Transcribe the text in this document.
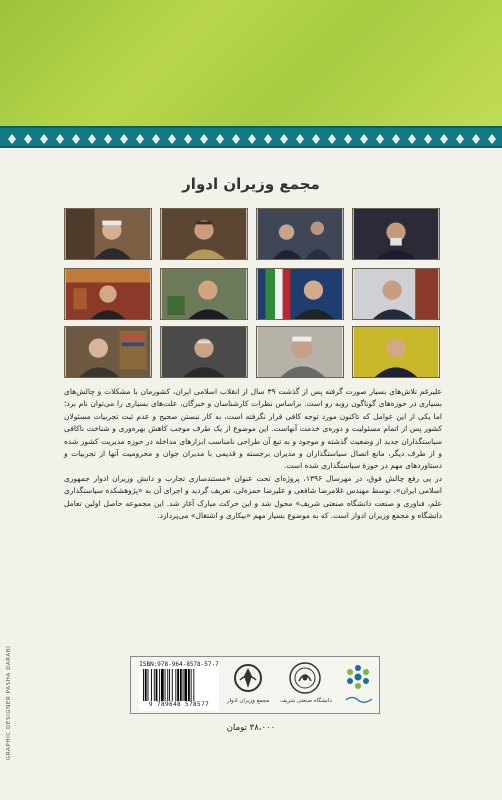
مجمع وزیران ادوار

علیرغم تلاش‌های بسیار صورت گرفته پس از گذشت ۳۹ سال از انقلاب اسلامی ایران، کشورمان با مشکلات و چالش‌های بسیاری در حوزه‌های گوناگون روبه رو است. براساس نظرات کارشناسان و خبرگان، علت‌های بسیاری را می‌توان نام برد؛ اما یکی از این عوامل که تاکنون مورد توجه کافی قرار نگرفته است، به کار نبستن صحیح و عدم ثبت تجربیات مسئولان کشور پس از اتمام مسئولیت و دوره‌ی خدمت آنهاست. این موضوع از یک طرف موجب کاهش بهره‌وری و شناخت ناکافی سیاستگذاران جدید از وضعیت گذشته و موجود و به تبع آن طراحی نامناسب ابزارهای مداخله در حوزه مدیریت کشور شده و از طرف دیگر، مانع اتصال سیاستگذاران و مدیران برجسته و قدیمی با مدیران جوان و محرومیت آنها از تجربیات و دستاوردهای مهم در حوزهٔ سیاستگذاری شده است.

در پی رفع چالش فوق، در مهرسال ۱۳۹۶، پروژه‌ای تحت عنوان «مستندسازی تجارب و دانش وزیران ادوار جمهوری اسلامی ایران»، توسط مهندس غلامرضا شافعی و علیرضا حمزه‌لی، تعریف گردید و اجرای آن به «پژوهشکده سیاستگذاری علم، فناوری و صنعت دانشگاه صنعتی شریف» محول شد و این حرکت مبارک آغاز شد. این مجموعه حاصل اولین تعامل دانشگاه و مجمع وزیران ادوار است. که به موضوع بسیار مهم «بیکاری و اشتغال» می‌پردازد.

ISBN:978-964-8578-57-7
9 789648 578577	مجمع وزیران ادوار	دانشگاه صنعتی شریف
۳۸،۰۰۰ تومان
GRAPHIC DESIGNER PASHA DARABI
